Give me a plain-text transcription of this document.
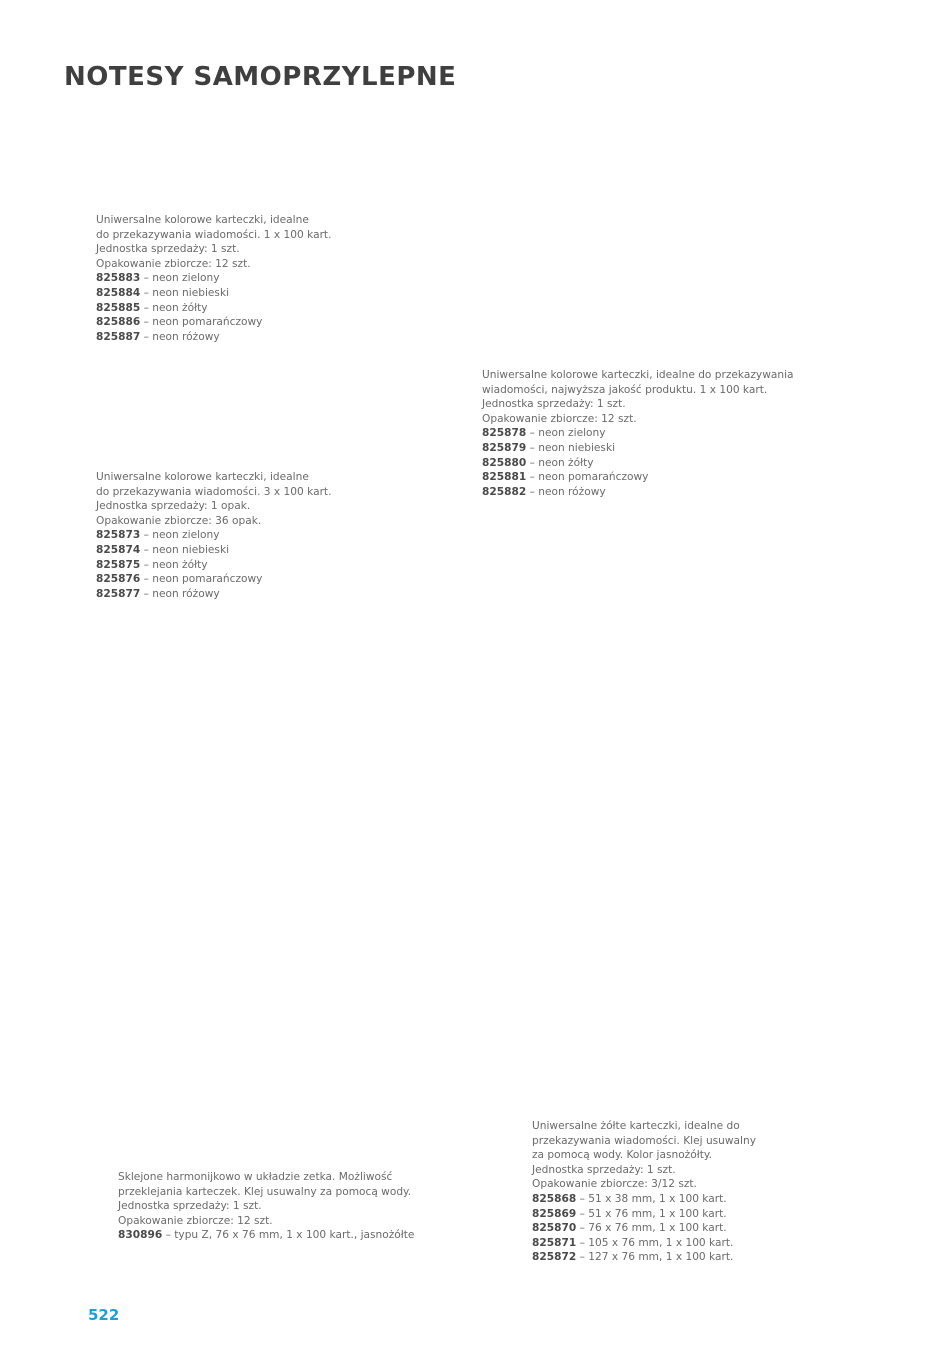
NOTESY SAMOPRZYLEPNE
Uniwersalne kolorowe karteczki, idealne
do przekazywania wiadomości. 1 x 100 kart.
Jednostka sprzedaży: 1 szt.
Opakowanie zbiorcze: 12 szt.
825883 – neon zielony
825884 – neon niebieski
825885 – neon żółty
825886 – neon pomarańczowy
825887 – neon różowy
Uniwersalne kolorowe karteczki, idealne do przekazywania
wiadomości, najwyższa jakość produktu. 1 x 100 kart.
Jednostka sprzedaży: 1 szt.
Opakowanie zbiorcze: 12 szt.
825878 – neon zielony
825879 – neon niebieski
825880 – neon żółty
825881 – neon pomarańczowy
825882 – neon różowy
Uniwersalne kolorowe karteczki, idealne
do przekazywania wiadomości. 3 x 100 kart.
Jednostka sprzedaży: 1 opak.
Opakowanie zbiorcze: 36 opak.
825873 – neon zielony
825874 – neon niebieski
825875 – neon żółty
825876 – neon pomarańczowy
825877 – neon różowy
Sklejone harmonijkowo w układzie zetka. Możliwość
przeklejania karteczek. Klej usuwalny za pomocą wody.
Jednostka sprzedaży: 1 szt.
Opakowanie zbiorcze: 12 szt.
830896 – typu Z, 76 x 76 mm, 1 x 100 kart., jasnożółte
Uniwersalne żółte karteczki, idealne do
przekazywania wiadomości. Klej usuwalny
za pomocą wody. Kolor jasnożółty.
Jednostka sprzedaży: 1 szt.
Opakowanie zbiorcze: 3/12 szt.
825868 – 51 x 38 mm, 1 x 100 kart.
825869 – 51 x 76 mm, 1 x 100 kart.
825870 – 76 x 76 mm, 1 x 100 kart.
825871 – 105 x 76 mm, 1 x 100 kart.
825872 – 127 x 76 mm, 1 x 100 kart.
522
